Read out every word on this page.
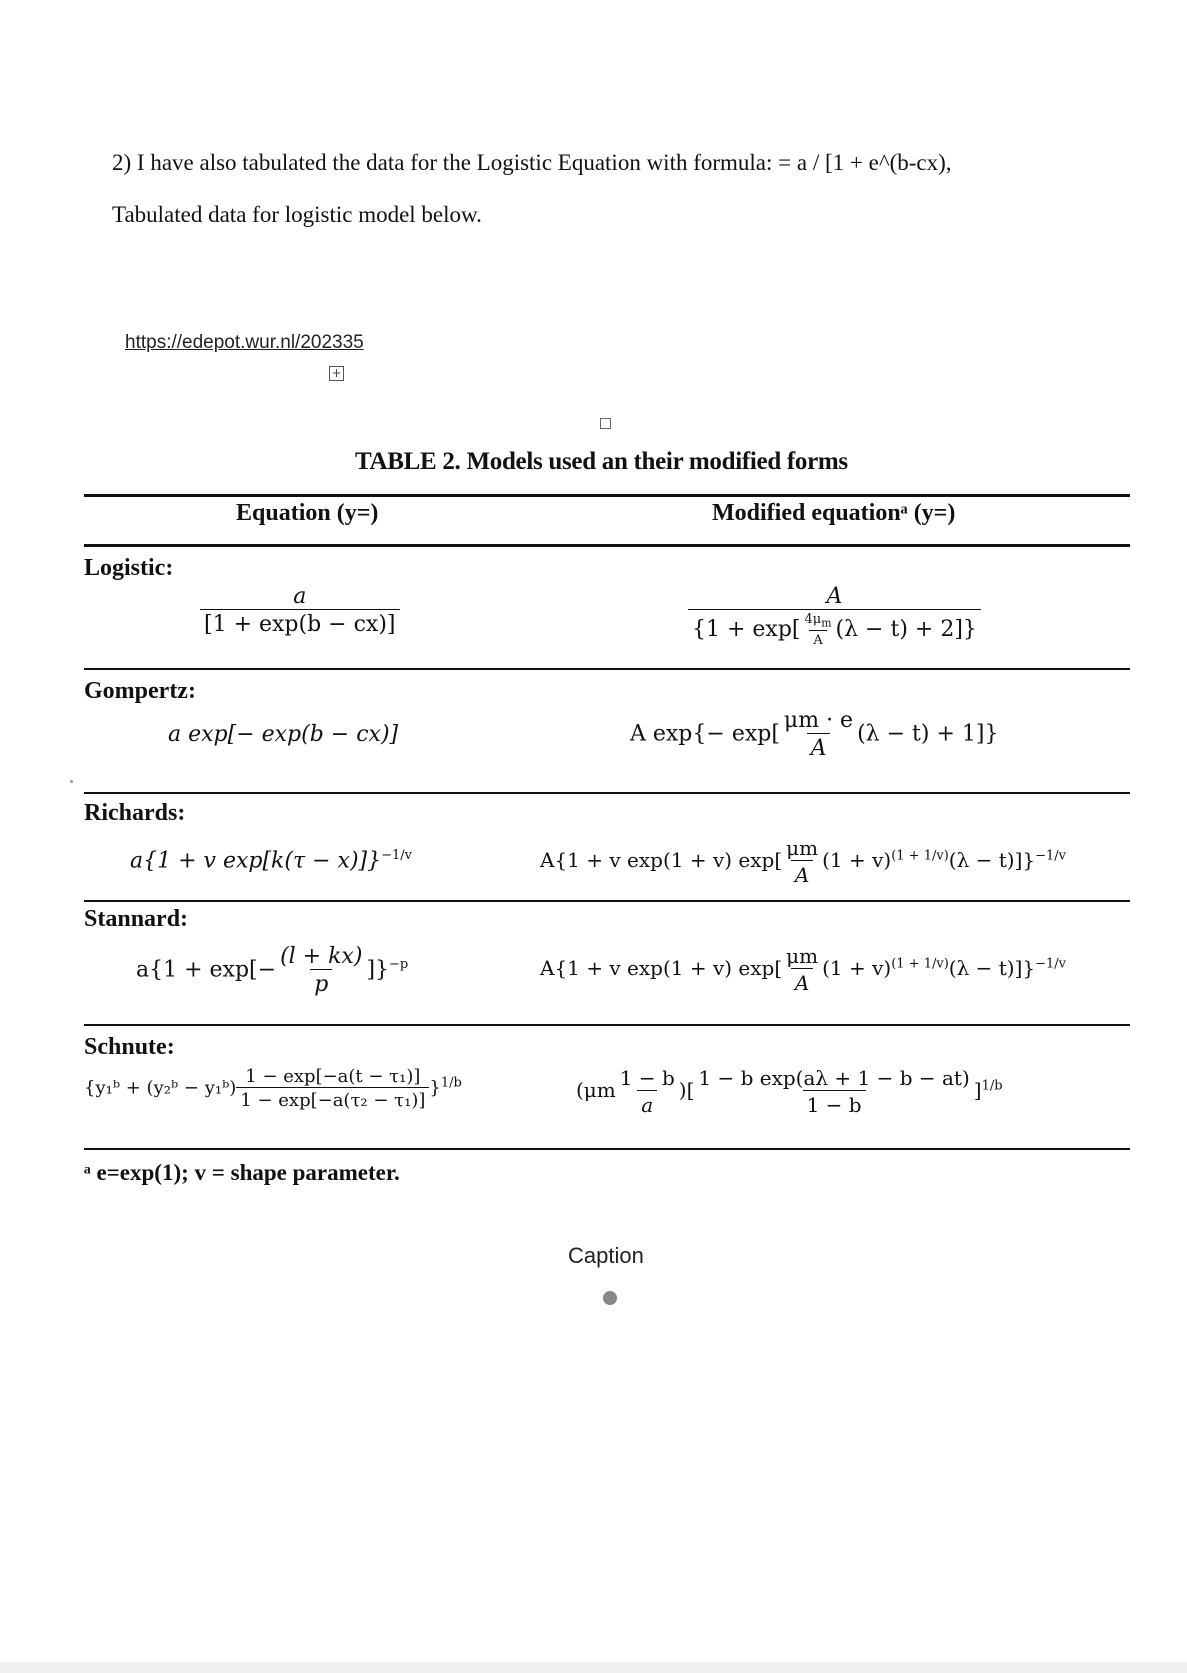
2) I have also tabulated the data for the Logistic Equation with formula: = a / [1 + e^(b-cx),
Tabulated data for logistic model below.
https://edepot.wur.nl/202335
+
TABLE 2. Models used an their modified forms
Equation (y=)	Modified equationᵃ (y=)
Logistic:
$\frac{a}{[1 + \exp(b - cx)]}$	$\frac{A}{\{1 + \exp[ \frac{4\mu_m}{A} (\lambda - t) + 2]\}}$
Gompertz:
a exp[− exp(b − cx)]	A $\exp\{- \exp[ \frac{\mu m \cdot e}{A} (\lambda - t) + 1]\}$
Richards:
a{1 + v exp[k(τ − x)]}$^{-1/v}$	A{1 + v exp(1 + v) $\exp[ \frac{\mu m}{A} (1 + v)^{(1 + 1/v)}(\lambda - t)]\}^{-1/v}$
Stannard:
$a\{1 + \exp[- \frac{(l + kx)}{p} ]\}^{-p}$	A{1 + v exp(1 + v) $\exp[ \frac{\mu m}{A} (1 + v)^{(1 + 1/v)}(\lambda - t)]\}^{-1/v}$
Schnute:
{y₁ᵇ + (y₂ᵇ − y₁ᵇ) $\frac{\text{1 − exp[−a(t − τ₁)]}}{\text{1 − exp[−a(τ₂ − τ₁)]}} \}^{1/b}$	($\mu m \frac{1 - b}{a}$ )[ $\frac{\text{1 − b exp(aλ + 1 − b − at)}}{1 - b} ]^{1/b}$
ᵃ e=exp(1); v = shape parameter.
Caption
